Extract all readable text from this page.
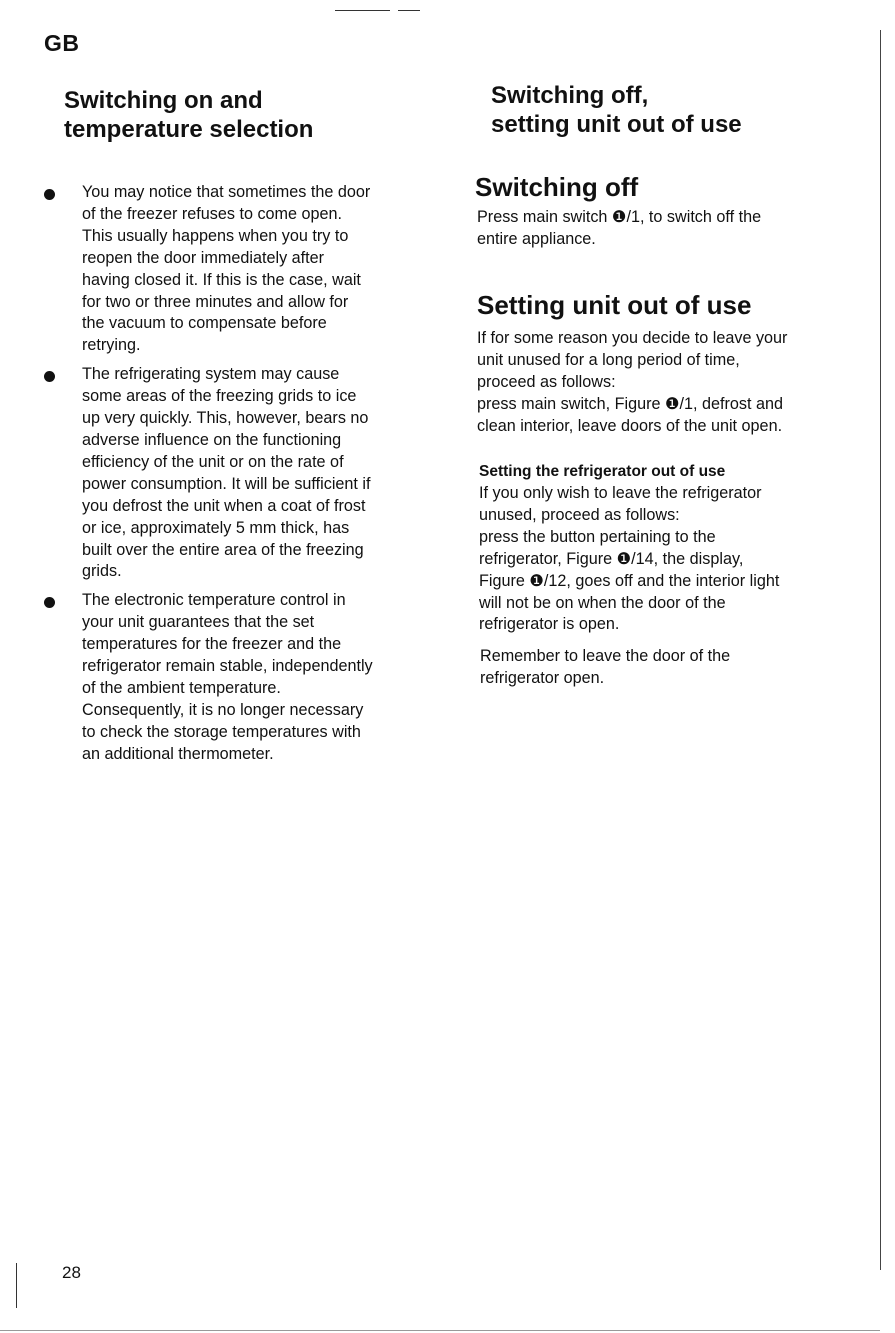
GB
Switching on and
temperature selection
You may notice that sometimes the door
of the freezer refuses to come open.
This usually happens when you try to
reopen the door immediately after
having closed it. If this is the case, wait
for two or three minutes and allow for
the vacuum to compensate before
retrying.
The refrigerating system may cause
some areas of the freezing grids to ice
up very quickly. This, however, bears no
adverse influence on the functioning
efficiency of the unit or on the rate of
power consumption. It will be sufficient if
you defrost the unit when a coat of frost
or ice, approximately 5 mm thick, has
built over the entire area of the freezing
grids.
The electronic temperature control in
your unit guarantees that the set
temperatures for the freezer and the
refrigerator remain stable, independently
of the ambient temperature.
Consequently, it is no longer necessary
to check the storage temperatures with
an additional thermometer.
Switching off,
setting unit out of use
Switching off
Press main switch ❶/1, to switch off the
entire appliance.
Setting unit out of use
If for some reason you decide to leave your
unit unused for a long period of time,
proceed as follows:
press main switch, Figure ❶/1, defrost and
clean interior, leave doors of the unit open.
Setting the refrigerator out of use
If you only wish to leave the refrigerator
unused, proceed as follows:
press the button pertaining to the
refrigerator, Figure ❶/14, the display,
Figure ❶/12, goes off and the interior light
will not be on when the door of the
refrigerator is open.
Remember to leave the door of the
refrigerator open.
28
